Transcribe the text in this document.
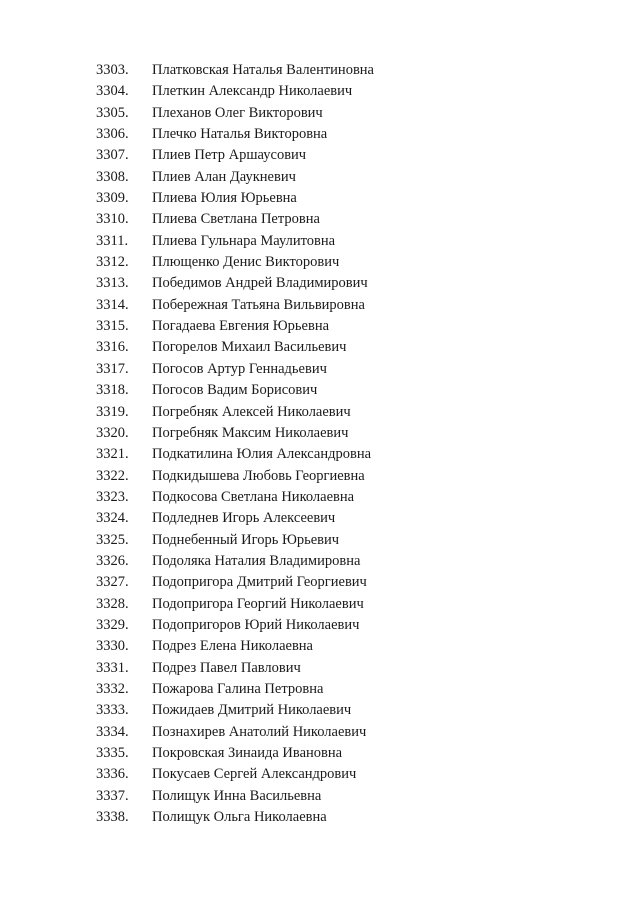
3303.	Платковская Наталья Валентиновна
3304.	Плеткин Александр Николаевич
3305.	Плеханов Олег Викторович
3306.	Плечко Наталья Викторовна
3307.	Плиев Петр Аршаусович
3308.	Плиев Алан Даукневич
3309.	Плиева Юлия Юрьевна
3310.	Плиева Светлана Петровна
3311.	Плиева Гульнара Маулитовна
3312.	Плющенко Денис Викторович
3313.	Победимов Андрей Владимирович
3314.	Побережная Татьяна Вильвировна
3315.	Погадаева Евгения Юрьевна
3316.	Погорелов Михаил Васильевич
3317.	Погосов Артур Геннадьевич
3318.	Погосов Вадим Борисович
3319.	Погребняк Алексей Николаевич
3320.	Погребняк Максим Николаевич
3321.	Подкатилина Юлия Александровна
3322.	Подкидышева Любовь Георгиевна
3323.	Подкосова Светлана Николаевна
3324.	Подледнев Игорь Алексеевич
3325.	Поднебенный Игорь Юрьевич
3326.	Подоляка Наталия Владимировна
3327.	Подопригора Дмитрий Георгиевич
3328.	Подопригора Георгий Николаевич
3329.	Подопригоров Юрий Николаевич
3330.	Подрез Елена Николаевна
3331.	Подрез Павел Павлович
3332.	Пожарова Галина Петровна
3333.	Пожидаев Дмитрий Николаевич
3334.	Познахирев Анатолий Николаевич
3335.	Покровская Зинаида Ивановна
3336.	Покусаев Сергей Александрович
3337.	Полищук Инна Васильевна
3338.	Полищук Ольга Николаевна
